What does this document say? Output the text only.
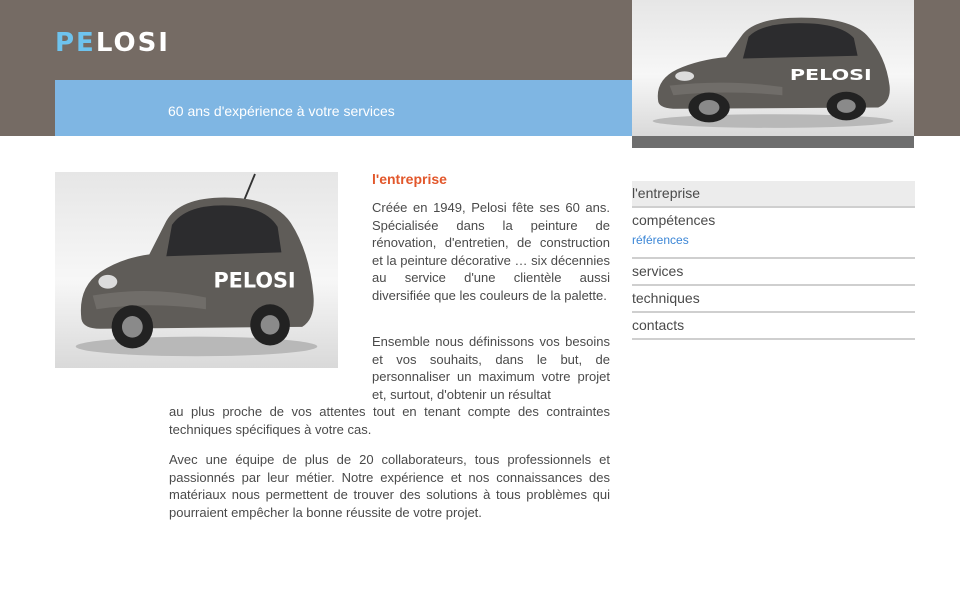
PELOSI
60 ans d'expérience à votre services
PELOSI
PELOSI
l'entreprise

Créée en 1949, Pelosi fête ses 60 ans. Spécialisée dans la peinture de rénovation, d'entretien, de construction et la peinture décorative … six décennies au service d'une clientèle aussi diversifiée que les couleurs de la palette.

Ensemble nous définissons vos besoins et vos souhaits, dans le but, de personnaliser un maximum votre projet et, surtout, d'obtenir un résultat

au plus proche de vos attentes tout en tenant compte des contraintes techniques spécifiques à votre cas.

Avec une équipe de plus de 20 collaborateurs, tous professionnels et passionnés par leur métier. Notre expérience et nos connaissances des matériaux nous permettent de trouver des solutions à tous problèmes qui pourraient empêcher la bonne réussite de votre projet.

l'entreprise
compétences
références
services
techniques
contacts
